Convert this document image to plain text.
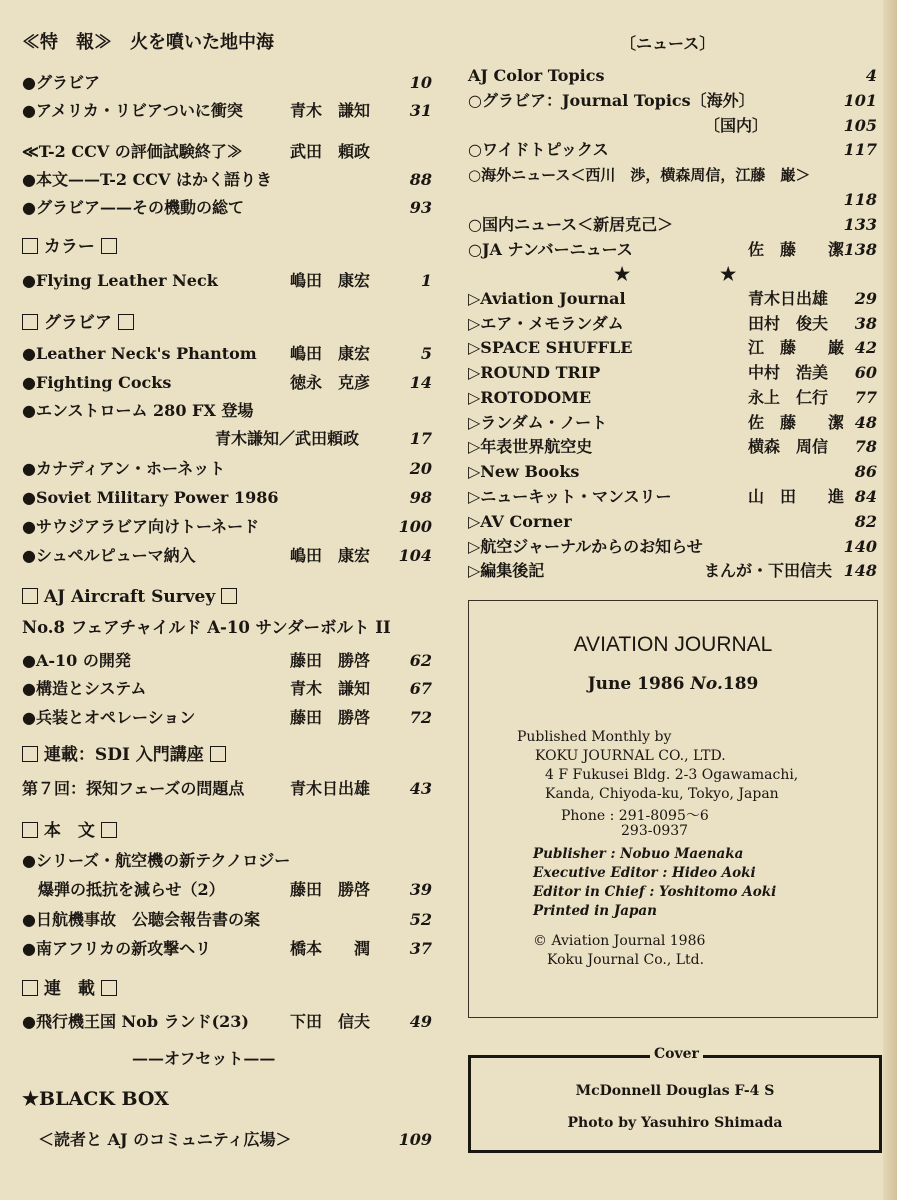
≪特　報≫　火を噴いた地中海
●グラビア	10
●アメリカ・リビアついに衝突	青木　謙知	31
≪T-2 CCV の評価試験終了≫	武田　頼政
●本文——T-2 CCV はかく語りき	88
●グラビア——その機動の総て	93
カラー
●Flying Leather Neck	嶋田　康宏	1
グラビア
●Leather Neck's Phantom 嶋田　康宏	5
●Fighting Cocks	徳永　克彦	14
●エンストローム 280 FX 登場
青木謙知／武田頼政	17
●カナディアン・ホーネット	20
●Soviet Military Power 1986	98
●サウジアラビア向けトーネード	100
●シュペルピューマ納入	嶋田　康宏	104
AJ Aircraft Survey
No.8 フェアチャイルド A-10 サンダーボルト II
●A-10 の開発	藤田　勝啓	62
●構造とシステム	青木　謙知	67
●兵装とオペレーション	藤田　勝啓	72
連載：SDI 入門講座
第７回：探知フェーズの問題点	青木日出雄	43
本　文
●シリーズ・航空機の新テクノロジー
　爆弾の抵抗を減らせ（2）	藤田　勝啓	39
●日航機事故　公聴会報告書の案	52
●南アフリカの新攻撃ヘリ	橋本　　潤	37
連　載
●飛行機王国 Nob ランド(23)	下田　信夫	49
——オフセット——
★BLACK BOX
＜読者と AJ のコミュニティ広場＞	109
〔ニュース〕
AJ Color Topics	4
○グラビア：Journal Topics〔海外〕	101
〔国内〕	105
○ワイドトピックス	117
○海外ニュース＜西川　渉，横森周信，江藤　巌＞
118
○国内ニュース＜新居克己＞	133
○JA ナンバーニュース	佐　藤　　潔 138
★　　　　　★
▷Aviation Journal	青木日出雄	29
▷エア・メモランダム	田村　俊夫	38
▷SPACE SHUFFLE	江　藤　　巌 42
▷ROUND TRIP	中村　浩美	60
▷ROTODOME	永上　仁行	77
▷ランダム・ノート	佐　藤　　潔 48
▷年表世界航空史	横森　周信	78
▷New Books	86
▷ニューキット・マンスリー	山　田　　進 84
▷AV Corner	82
▷航空ジャーナルからのお知らせ	140
▷編集後記	まんが・下田信夫 148
AVIATION JOURNAL
June 1986 No.189
Published Monthly by
KOKU JOURNAL CO., LTD.
4 F Fukusei Bldg. 2-3 Ogawamachi,
Kanda, Chiyoda-ku, Tokyo, Japan
Phone : 291-8095～6
293-0937
Publisher : Nobuo Maenaka
Executive Editor : Hideo Aoki
Editor in Chief : Yoshitomo Aoki
Printed in Japan
© Aviation Journal 1986
Koku Journal Co., Ltd.
McDonnell Douglas F-4 S
Photo by Yasuhiro Shimada
Cover
